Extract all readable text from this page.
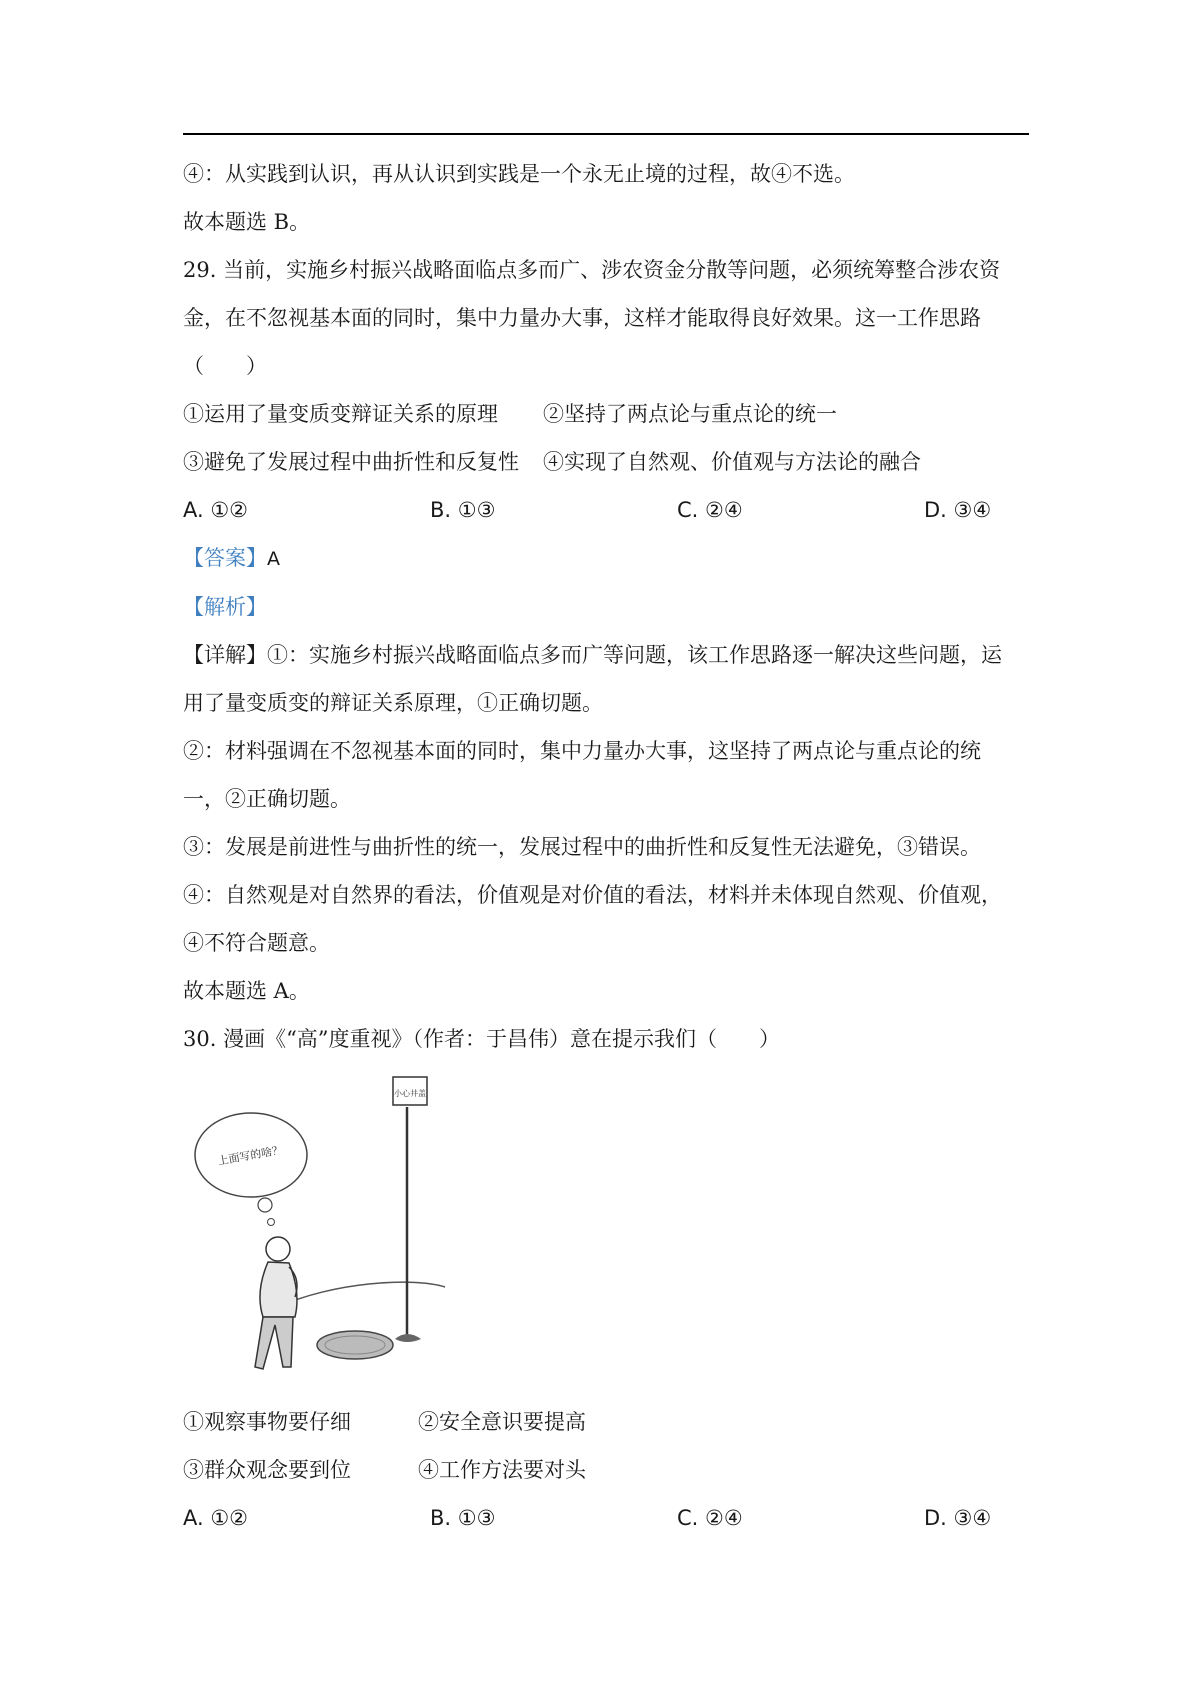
④：从实践到认识，再从认识到实践是一个永无止境的过程，故④不选。

故本题选 B。

29. 当前，实施乡村振兴战略面临点多而广、涉农资金分散等问题，必须统筹整合涉农资

金，在不忽视基本面的同时，集中力量办大事，这样才能取得良好效果。这一工作思路

（　　）

①运用了量变质变辩证关系的原理	②坚持了两点论与重点论的统一
③避免了发展过程中曲折性和反复性	④实现了自然观、价值观与方法论的融合
A. ①②	B. ①③	C. ②④	D. ③④

【答案】A

【解析】

【详解】①：实施乡村振兴战略面临点多而广等问题，该工作思路逐一解决这些问题，运

用了量变质变的辩证关系原理，①正确切题。

②：材料强调在不忽视基本面的同时，集中力量办大事，这坚持了两点论与重点论的统

一，②正确切题。

③：发展是前进性与曲折性的统一，发展过程中的曲折性和反复性无法避免，③错误。

④：自然观是对自然界的看法，价值观是对价值的看法，材料并未体现自然观、价值观，

④不符合题意。

故本题选 A。

30. 漫画《“高”度重视》（作者：于昌伟）意在提示我们（　　）

小心井盖
上面写的啥？
①观察事物要仔细	②安全意识要提高
③群众观念要到位	④工作方法要对头
A. ①②	B. ①③	C. ②④	D. ③④
